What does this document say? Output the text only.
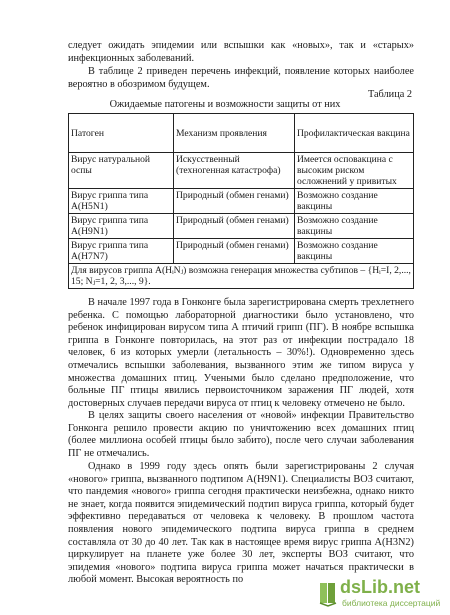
следует ожидать эпидемии или вспышки как «новых», так и «старых» инфекционных заболеваний.

В таблице 2 приведен перечень инфекций, появление которых наиболее вероятно в обозримом будущем.

Таблица 2
Ожидаемые патогены и возможности защиты от них
Патоген	Механизм проявления	Профилактическая вакцина
Вирус натуральной оспы	Искусственный (техногенная катастрофа)	Имеется осповакцина с высоким риском осложнений у привитых
Вирус гриппа типа A(H5N1)	Природный (обмен генами)	Возможно создание вакцины
Вирус гриппа типа A(H9N1)	Природный (обмен генами)	Возможно создание вакцины
Вирус гриппа типа A(H7N7)	Природный (обмен генами)	Возможно создание вакцины
Для вирусов гриппа A(HᵢNⱼ) возможна генерация множества субтипов – {Hᵢ=I, 2,..., 15; Nⱼ=1, 2, 3,..., 9}.		

В начале 1997 года в Гонконге была зарегистрирована смерть трехлетнего ребенка. С помощью лабораторной диагностики было установлено, что ребенок инфицирован вирусом типа А птичий грипп (ПГ). В ноябре вспышка гриппа в Гонконге повторилась, на этот раз от инфекции пострадало 18 человек, 6 из которых умерли (летальность – 30%!). Одновременно здесь отмечались вспышки заболевания, вызванного этим же типом вируса у множества домашних птиц. Учеными было сделано предположение, что больные ПГ птицы явились первоисточником заражения ПГ людей, хотя достоверных случаев передачи вируса от птиц к человеку отмечено не было.

В целях защиты своего населения от «новой» инфекции Правительство Гонконга решило провести акцию по уничтожению всех домашних птиц (более миллиона особей птицы было забито), после чего случаи заболевания ПГ не отмечались.

Однако в 1999 году здесь опять были зарегистрированы 2 случая «нового» гриппа, вызванного подтипом A(H9N1). Специалисты ВОЗ считают, что пандемия «нового» гриппа сегодня практически неизбежна, однако никто не знает, когда появится эпидемический подтип вируса гриппа, который будет эффективно передаваться от человека к человеку. В прошлом частота появления нового эпидемического подтипа вируса гриппа в среднем составляла от 30 до 40 лет. Так как в настоящее время вирус гриппа A(H3N2) циркулирует на планете уже более 30 лет, эксперты ВОЗ считают, что эпидемия «нового» подтипа вируса гриппа может начаться практически в любой момент. Высокая вероятность по	dsLib.net
библиотека диссертаций
